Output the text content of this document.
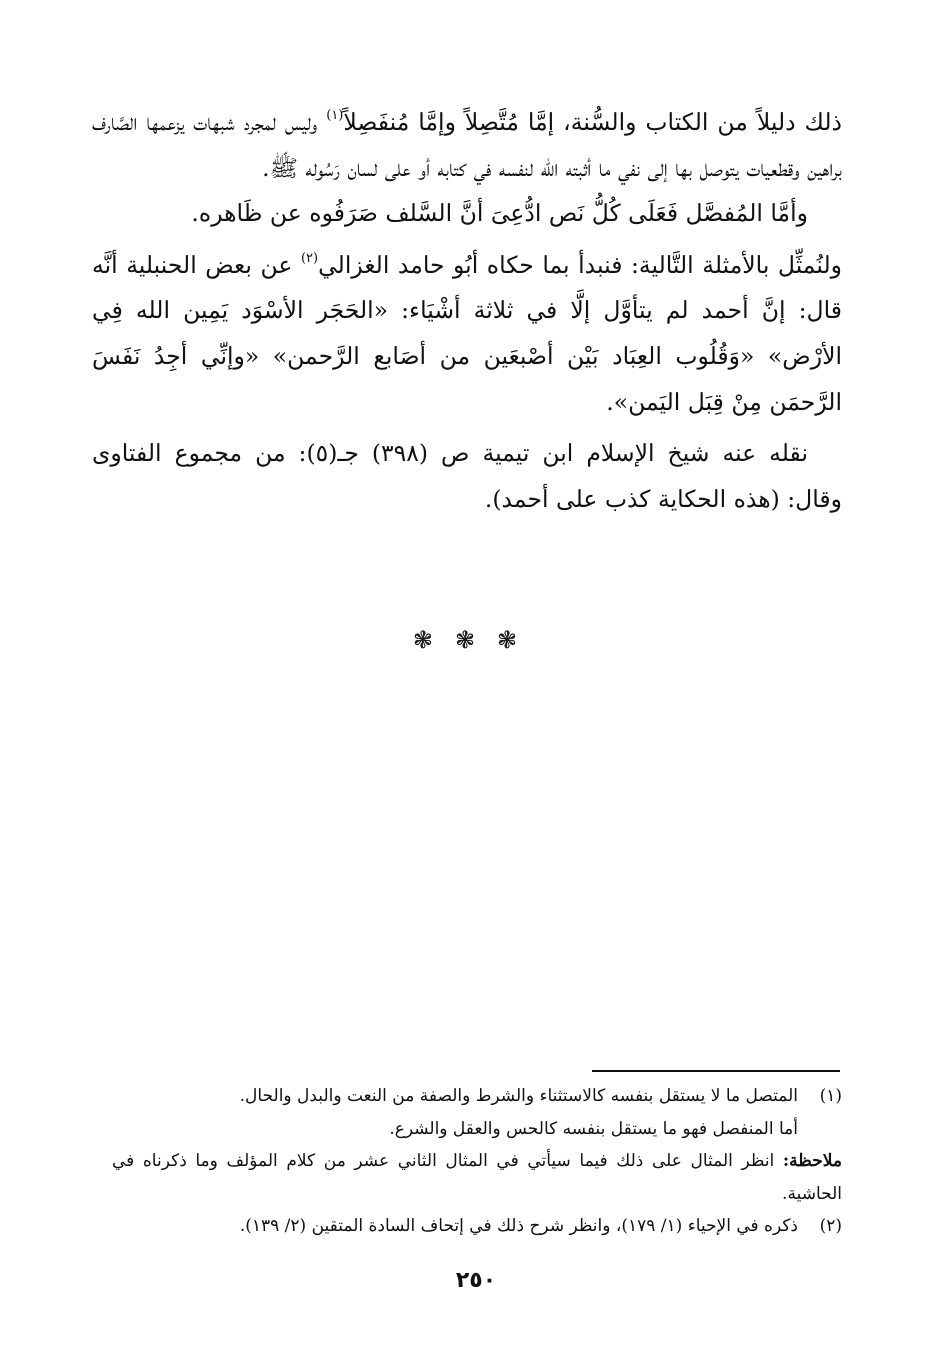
ذلك دليلاً من الكتاب والسُّنة، إمَّا مُتَّصِلاً وإمَّا مُنفَصِلاً$^{(١)}$ وليس لمجرد شبهات يزعمها الصَّارف براهين وقطعيات يتوصل بها إلى نفي ما أثبته الله لنفسه في كتابه أو على لسان رَسُوله ﷺ.

وأمَّا المُفصَّل فَعَلَى كُلُّ نَص ادُّعِىَ أنَّ السَّلف صَرَفُوه عن ظَاهره.

ولنُمثِّل بالأمثلة التَّالية: فنبدأ بما حكاه أبُو حامد الغزالي$^{(٢)}$ عن بعض الحنبلية أنَّه قال: إنَّ أحمد لم يتأوَّل إلَّا في ثلاثة أشْيَاء: «الحَجَر الأسْوَد يَمِين الله فِي الأرْض» «وَقُلُوب العِبَاد بَيْن أصْبعَين من أصَابع الرَّحمن» «وإنِّي أجِدُ نَفَسَ الرَّحمَن مِنْ قِبَل اليَمن».

نقله عنه شيخ الإسلام ابن تيمية ص (٣٩٨) جـ(٥): من مجموع الفتاوى وقال: (هذه الحكاية كذب على أحمد).

❃❃❃
(١)

المتصل ما لا يستقل بنفسه كالاستثناء والشرط والصفة من النعت والبدل والحال.

أما المنفصل فهو ما يستقل بنفسه كالحس والعقل والشرع.

ملاحظة: انظر المثال على ذلك فيما سيأتي في المثال الثاني عشر من كلام المؤلف وما ذكرناه في الحاشية.

(٢)

ذكره في الإحياء (١/ ١٧٩)، وانظر شرح ذلك في إتحاف السادة المتقين (٢/ ١٣٩).

٢٥٠
